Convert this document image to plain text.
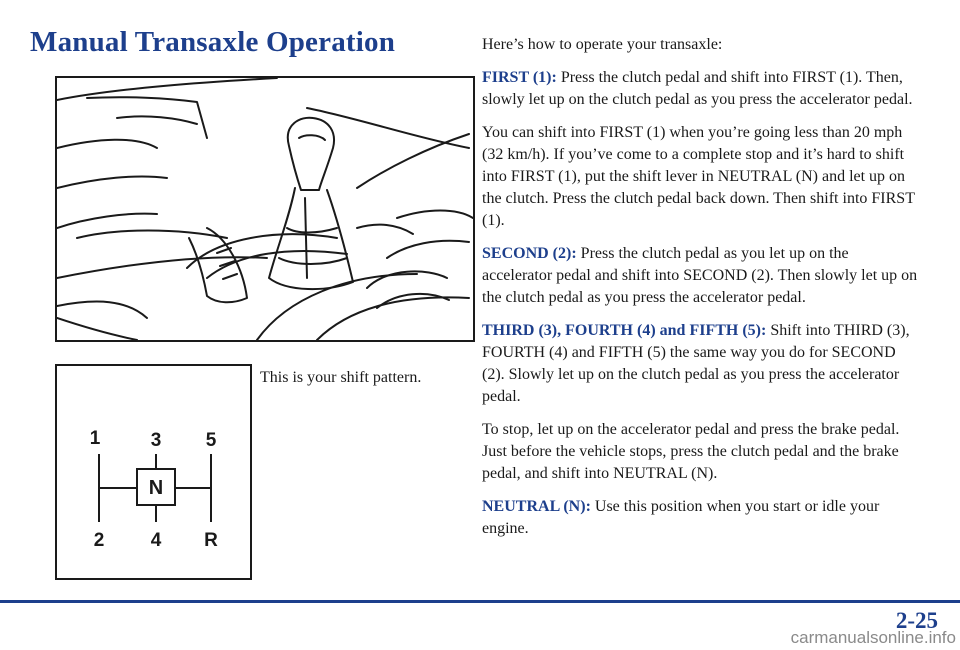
Manual Transaxle Operation
1	3 5
2 4 R
N
This is your shift pattern.

Here’s how to operate your transaxle:

FIRST (1): Press the clutch pedal and shift into FIRST (1). Then, slowly let up on the clutch pedal as you press the accelerator pedal.

You can shift into FIRST (1) when you’re going less than 20 mph (32 km/h). If you’ve come to a complete stop and it’s hard to shift into FIRST (1), put the shift lever in NEUTRAL (N) and let up on the clutch. Press the clutch pedal back down. Then shift into FIRST (1).

SECOND (2): Press the clutch pedal as you let up on the accelerator pedal and shift into SECOND (2). Then slowly let up on the clutch pedal as you press the accelerator pedal.

THIRD (3), FOURTH (4) and FIFTH (5): Shift into THIRD (3), FOURTH (4) and FIFTH (5) the same way you do for SECOND (2). Slowly let up on the clutch pedal as you press the accelerator pedal.

To stop, let up on the accelerator pedal and press the brake pedal. Just before the vehicle stops, press the clutch pedal and the brake pedal, and shift into NEUTRAL (N).

NEUTRAL (N): Use this position when you start or idle your engine.

2-25
carmanualsonline.info
